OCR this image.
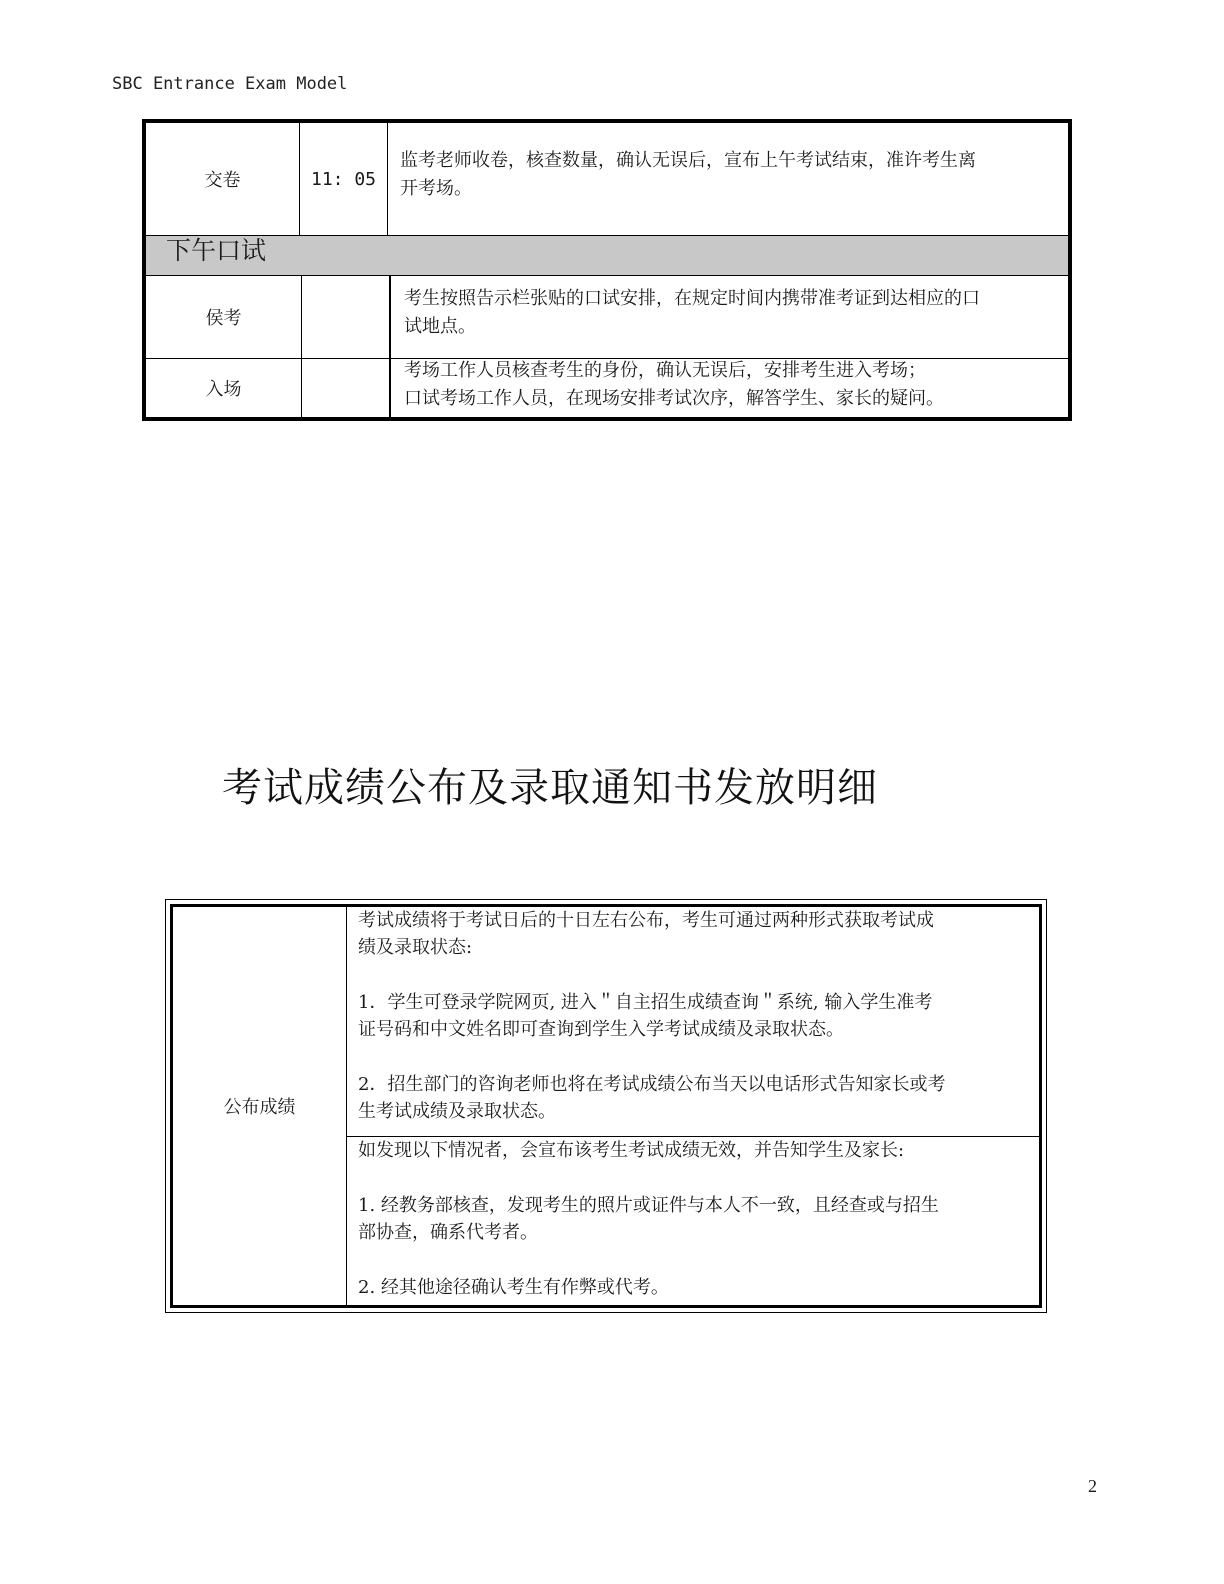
SBC Entrance Exam Model
交卷	11: 05
监考老师收卷，核查数量，确认无误后，宣布上午考试结束，准许考生离
开考场。
下午口试
侯考
考生按照告示栏张贴的口试安排，在规定时间内携带准考证到达相应的口
试地点。
入场
考场工作人员核查考生的身份，确认无误后，安排考生进入考场；
口试考场工作人员，在现场安排考试次序，解答学生、家长的疑问。
考试成绩公布及录取通知书发放明细
公布成绩
考试成绩将于考试日后的十日左右公布，考生可通过两种形式获取考试成
绩及录取状态:
1．学生可登录学院网页, 进入＂自主招生成绩查询＂系统, 输入学生准考
证号码和中文姓名即可查询到学生入学考试成绩及录取状态。
2．招生部门的咨询老师也将在考试成绩公布当天以电话形式告知家长或考
生考试成绩及录取状态。
如发现以下情况者，会宣布该考生考试成绩无效，并告知学生及家长:
1. 经教务部核查，发现考生的照片或证件与本人不一致，且经查或与招生
部协查，确系代考者。
2. 经其他途径确认考生有作弊或代考。
2
